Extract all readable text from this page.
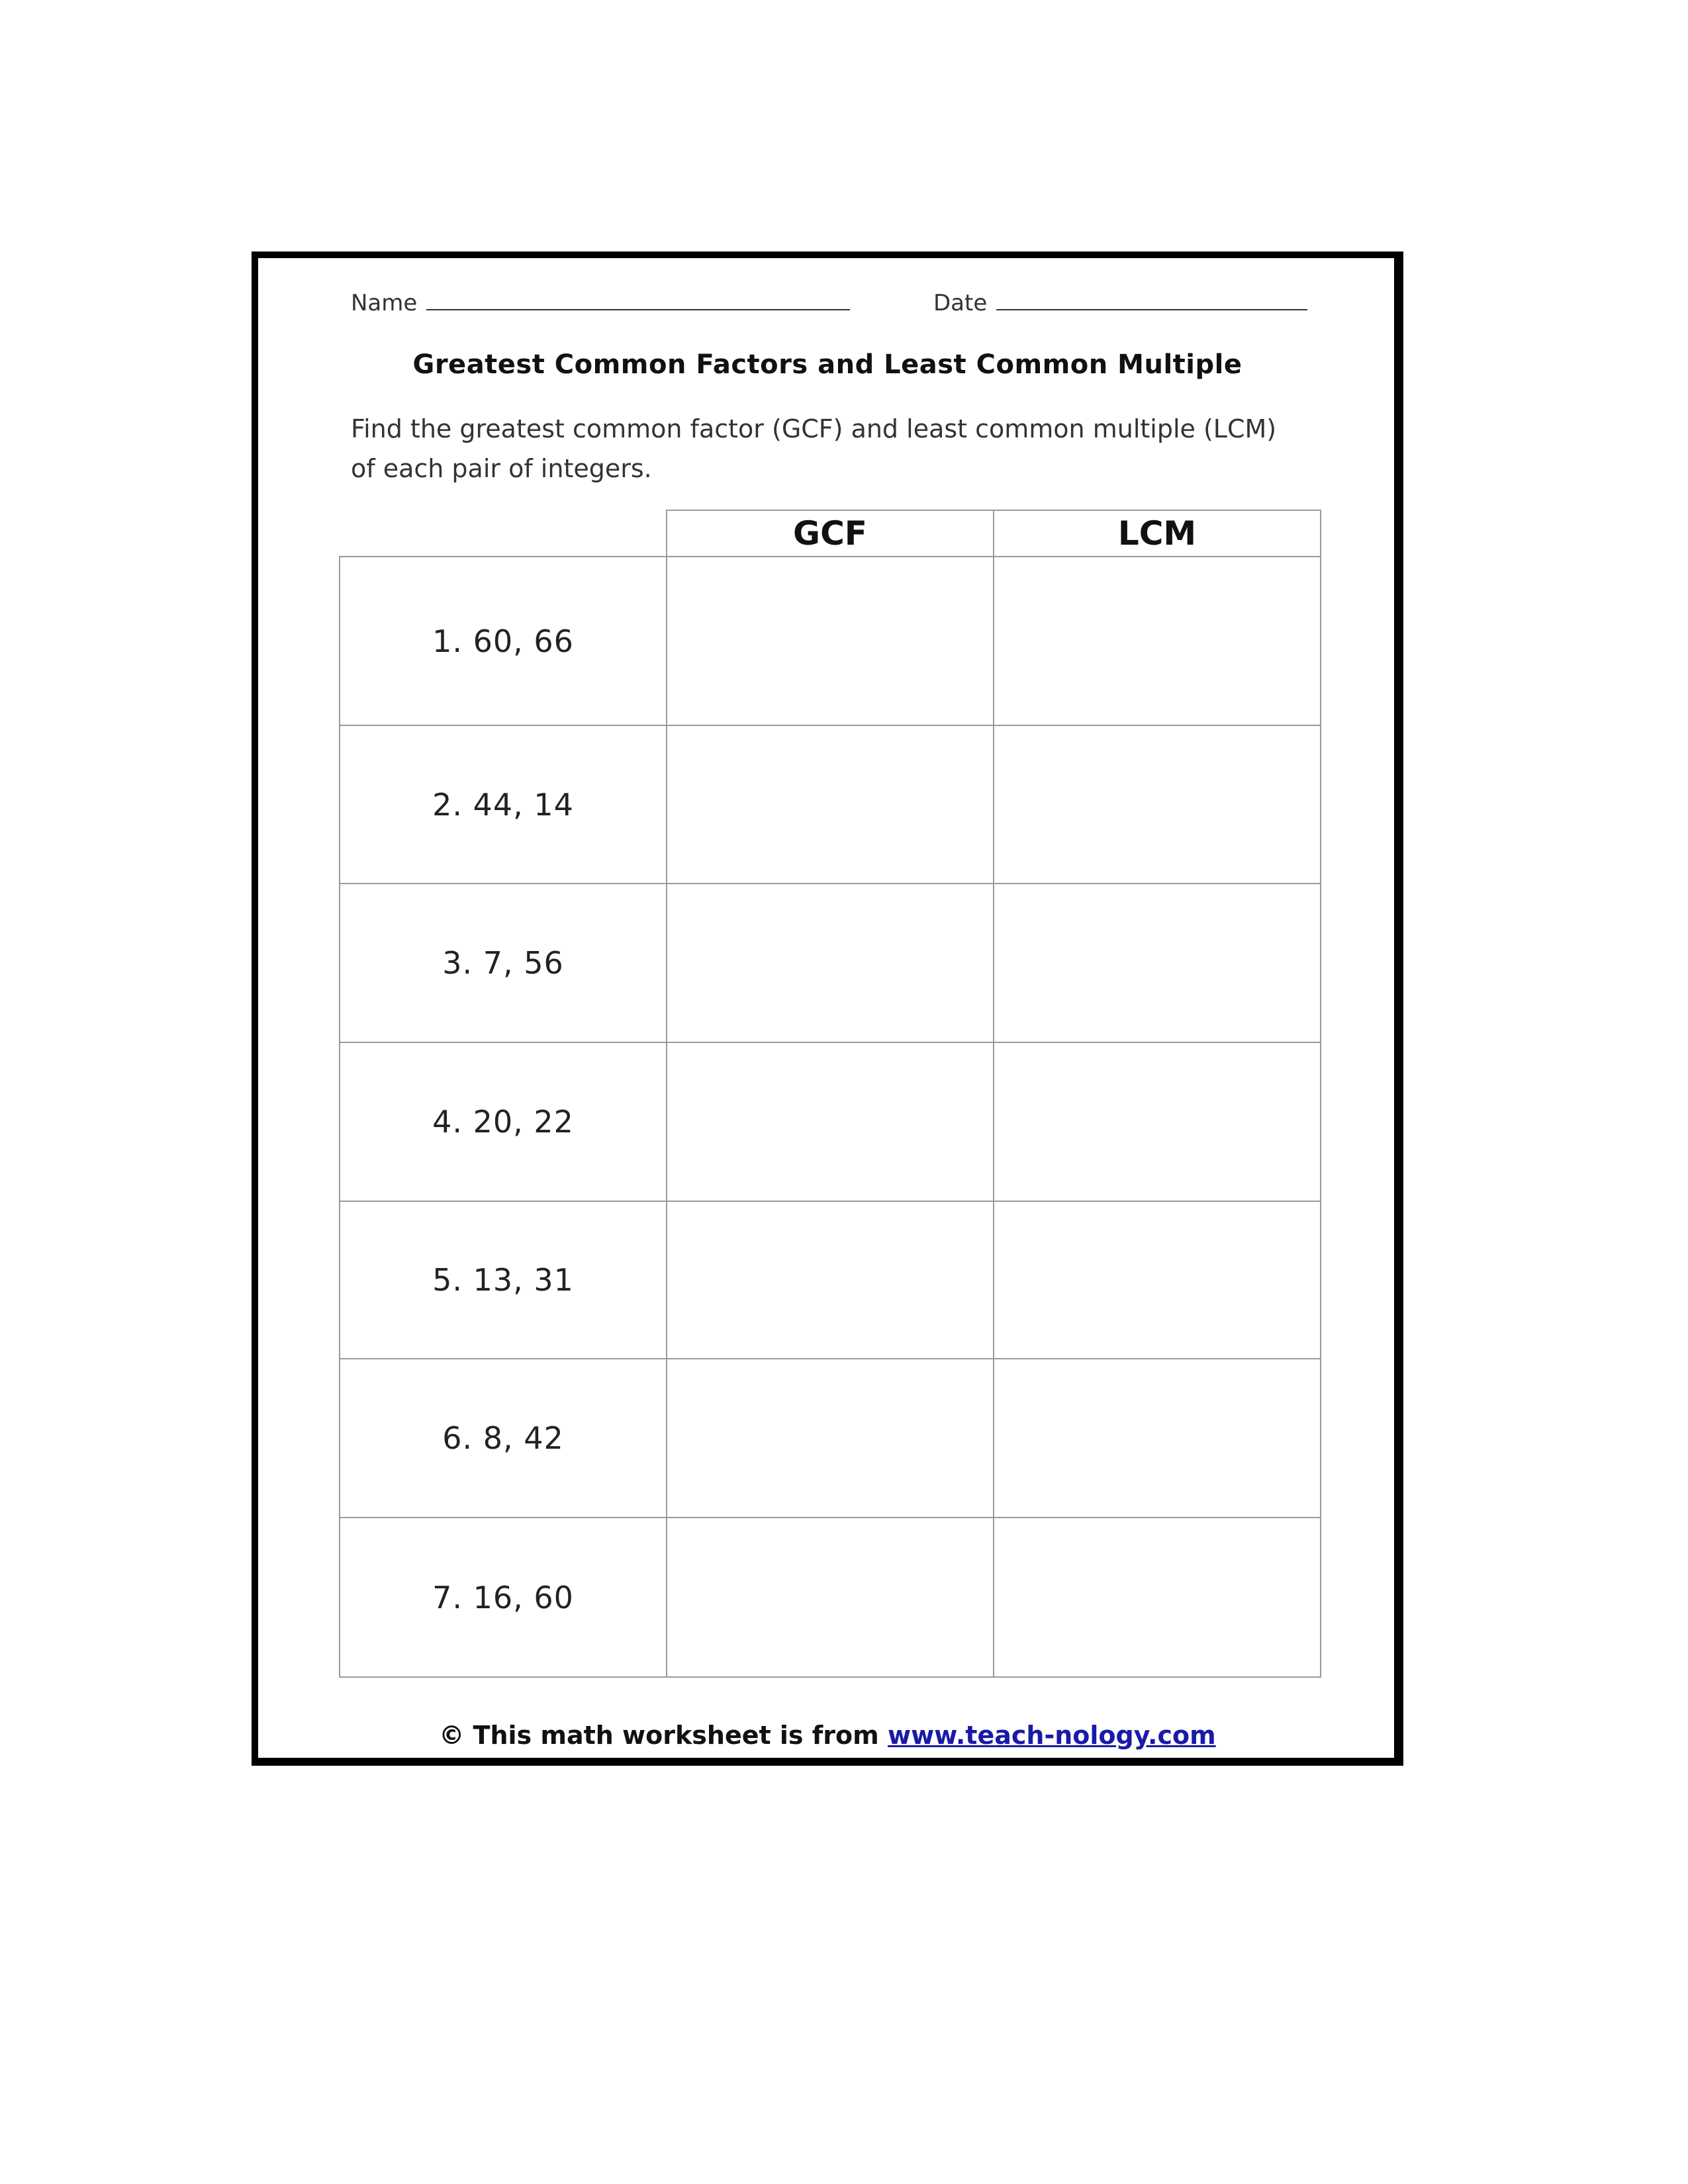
Name	Date
Greatest Common Factors and Least Common Multiple

Find the greatest common factor (GCF) and least common multiple (LCM) of each pair of integers.

GCF	LCM
1. 60, 66
2. 44, 14
3. 7, 56
4. 20, 22
5. 13, 31
6. 8, 42
7. 16, 60
© This math worksheet is from www.teach-nology.com
